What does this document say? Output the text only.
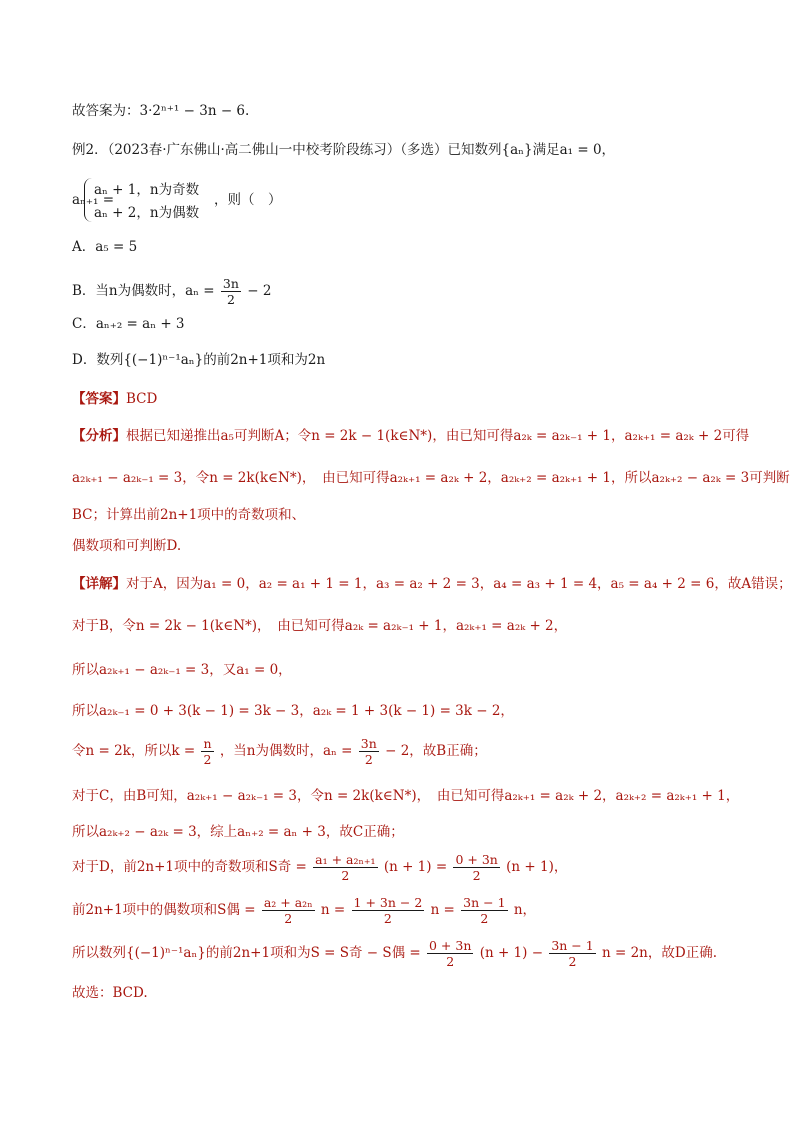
故答案为：3·2ⁿ⁺¹ − 3n − 6.
例2．（2023春·广东佛山·高二佛山一中校考阶段练习）（多选）已知数列{aₙ}满足a₁ = 0，
aₙ₊₁ =
aₙ + 1，n为奇数
aₙ + 2，n为偶数
，则（　）
A．a₅ = 5
B．当n为偶数时，$a_n = \frac{3n}{2} - 2$
C．aₙ₊₂ = aₙ + 3
D．数列{(−1)ⁿ⁻¹aₙ}的前2n+1项和为2n
【答案】BCD
【分析】根据已知递推出a₅可判断A；令n = 2k − 1(k∈N*)，由已知可得a₂ₖ = a₂ₖ₋₁ + 1，a₂ₖ₊₁ = a₂ₖ + 2可得
a₂ₖ₊₁ − a₂ₖ₋₁ = 3，令n = 2k(k∈N*)，　由已知可得a₂ₖ₊₁ = a₂ₖ + 2，a₂ₖ₊₂ = a₂ₖ₊₁ + 1，所以a₂ₖ₊₂ − a₂ₖ = 3可判断
BC；计算出前2n+1项中的奇数项和、
偶数项和可判断D.
【详解】对于A，因为a₁ = 0，a₂ = a₁ + 1 = 1，a₃ = a₂ + 2 = 3，a₄ = a₃ + 1 = 4，a₅ = a₄ + 2 = 6，故A错误；
对于B，令n = 2k − 1(k∈N*)，　由已知可得a₂ₖ = a₂ₖ₋₁ + 1，a₂ₖ₊₁ = a₂ₖ + 2，
所以a₂ₖ₊₁ − a₂ₖ₋₁ = 3，又a₁ = 0，
所以a₂ₖ₋₁ = 0 + 3(k − 1) = 3k − 3，a₂ₖ = 1 + 3(k − 1) = 3k − 2，
令n = 2k，所以$k = \frac{n}{2}$ ，当n为偶数时，$a_n = \frac{3n}{2} - 2$，故B正确；
对于C，由B可知，a₂ₖ₊₁ − a₂ₖ₋₁ = 3，令n = 2k(k∈N*)，　由已知可得a₂ₖ₊₁ = a₂ₖ + 2，a₂ₖ₊₂ = a₂ₖ₊₁ + 1，
所以a₂ₖ₊₂ − a₂ₖ = 3，综上aₙ₊₂ = aₙ + 3，故C正确；
对于D，前2n+1项中的奇数项和S奇 = $\frac{\text{a₁ + a₂ₙ₊₁}}{2} (n + 1) = \frac{0 + 3n}{2} (n + 1)$，
前2n+1项中的偶数项和S偶 = $\frac{\text{a₂ + a₂ₙ}}{2}$ $n = \frac{1 + 3n - 2}{2}$ $n = \frac{3n - 1}{2}$ n，
所以数列{(−1)ⁿ⁻¹aₙ}的前2n+1项和为S = S奇 − S偶 = $\frac{0 + 3n}{2} (n + 1) - \frac{3n - 1}{2}$ n = 2n，故D正确.
故选：BCD.
